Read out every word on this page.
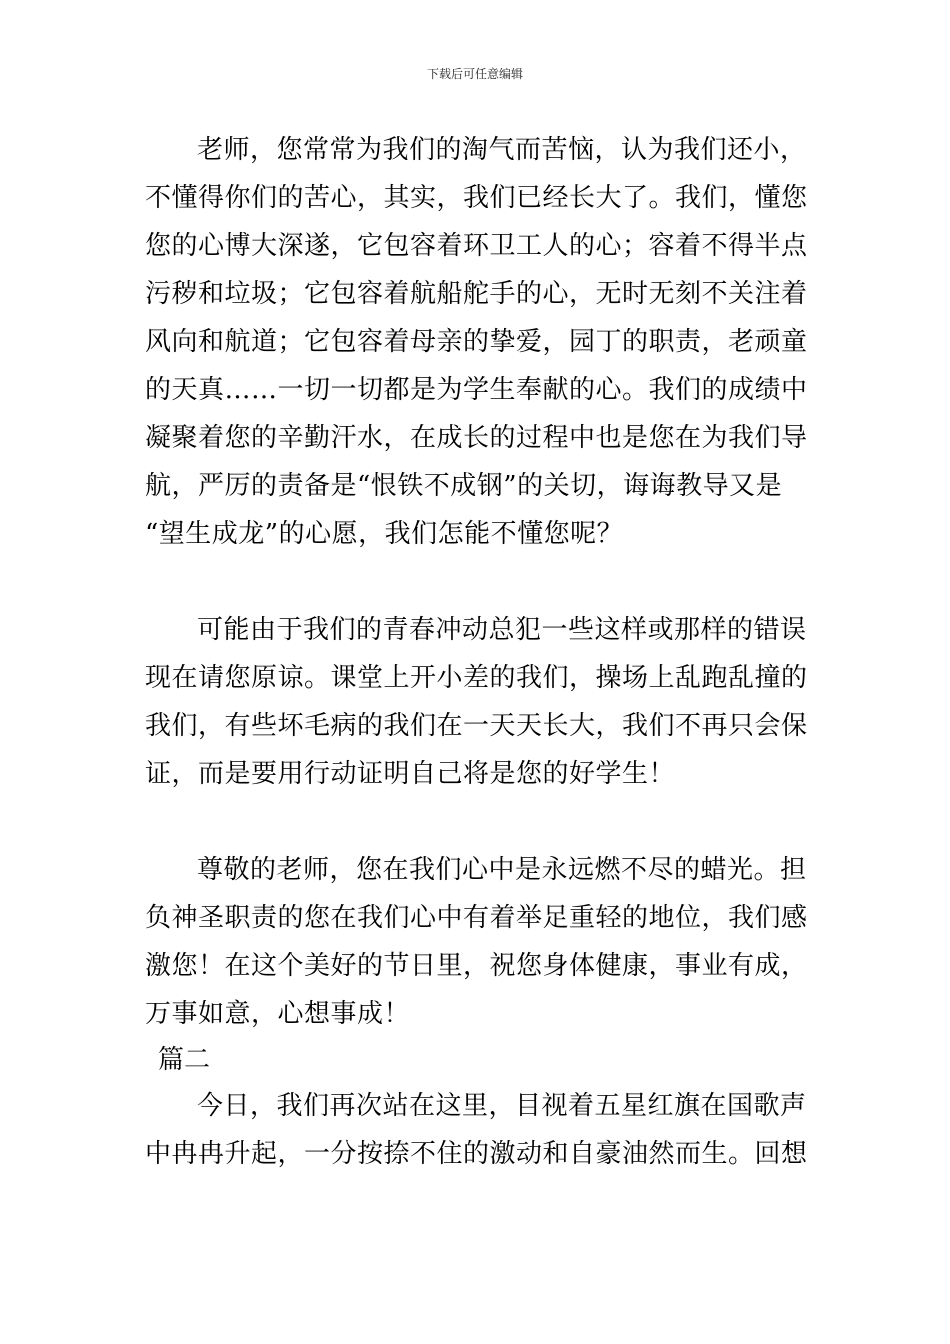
下载后可任意编辑
老师，您常常为我们的淘气而苦恼，认为我们还小，
不懂得你们的苦心，其实，我们已经长大了。我们，懂您
您的心博大深遂，它包容着环卫工人的心；容着不得半点
污秽和垃圾；它包容着航船舵手的心，无时无刻不关注着
风向和航道；它包容着母亲的挚爱，园丁的职责，老顽童
的天真……一切一切都是为学生奉献的心。我们的成绩中
凝聚着您的辛勤汗水，在成长的过程中也是您在为我们导
航，严厉的责备是“恨铁不成钢”的关切，诲诲教导又是
“望生成龙”的心愿，我们怎能不懂您呢？
可能由于我们的青春冲动总犯一些这样或那样的错误
现在请您原谅。课堂上开小差的我们，操场上乱跑乱撞的
我们，有些坏毛病的我们在一天天长大，我们不再只会保
证，而是要用行动证明自己将是您的好学生！
尊敬的老师，您在我们心中是永远燃不尽的蜡光。担
负神圣职责的您在我们心中有着举足重轻的地位，我们感
激您！在这个美好的节日里，祝您身体健康，事业有成，
万事如意，心想事成！
篇二
今日，我们再次站在这里，目视着五星红旗在国歌声
中冉冉升起，一分按捺不住的激动和自豪油然而生。回想
